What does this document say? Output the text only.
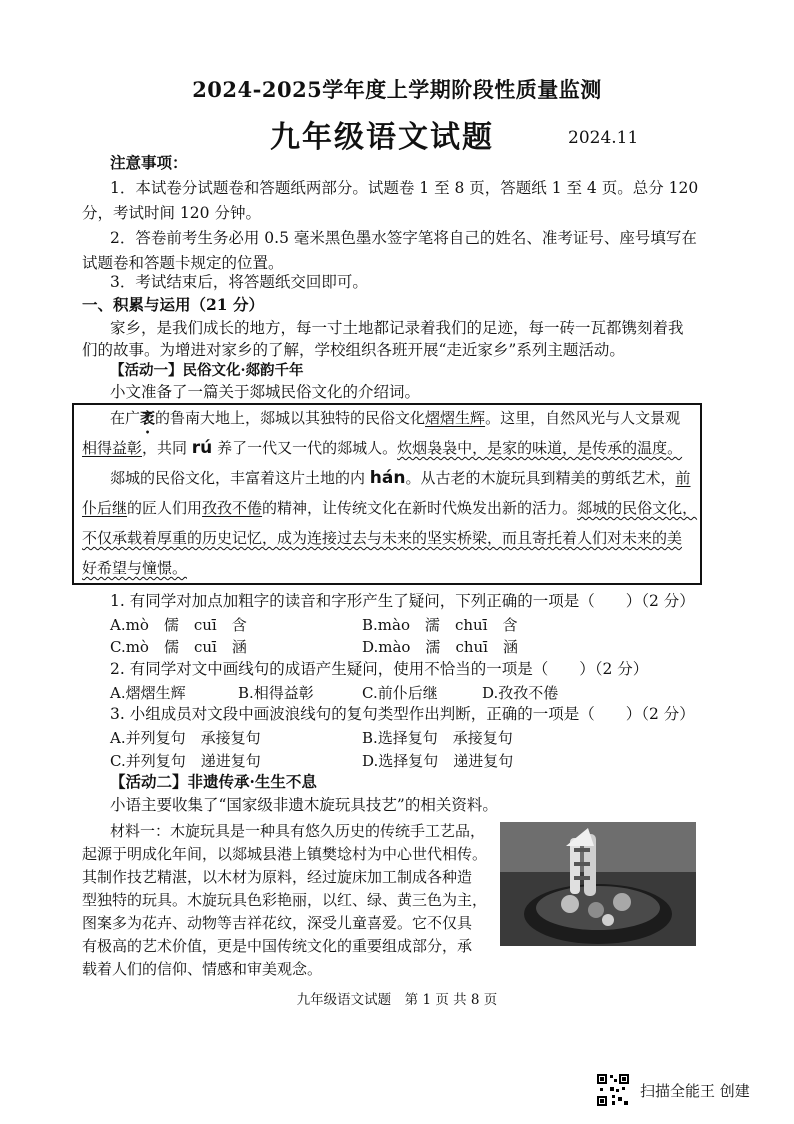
2024-2025学年度上学期阶段性质量监测
九年级语文试题	2024.11
注意事项：
1．本试卷分试题卷和答题纸两部分。试题卷 1 至 8 页，答题纸 1 至 4 页。总分 120
分，考试时间 120 分钟。
2．答卷前考生务必用 0.5 毫米黑色墨水签字笔将自己的姓名、准考证号、座号填写在
试题卷和答题卡规定的位置。
3．考试结束后，将答题纸交回即可。
一、积累与运用（21 分）
家乡，是我们成长的地方，每一寸土地都记录着我们的足迹，每一砖一瓦都镌刻着我
们的故事。为增进对家乡的了解，学校组织各班开展“走近家乡”系列主题活动。
【活动一】民俗文化·郯韵千年
小文准备了一篇关于郯城民俗文化的介绍词。
在广袤的鲁南大地上，郯城以其独特的民俗文化熠熠生辉。这里，自然风光与人文景观
相得益彰，共同 rú 养了一代又一代的郯城人。炊烟袅袅中，是家的味道，是传承的温度。
郯城的民俗文化，丰富着这片土地的内 hán。从古老的木旋玩具到精美的剪纸艺术，前
仆后继的匠人们用孜孜不倦的精神，让传统文化在新时代焕发出新的活力。郯城的民俗文化，
不仅承载着厚重的历史记忆，成为连接过去与未来的坚实桥梁，而且寄托着人们对未来的美
好希望与憧憬。
1. 有同学对加点加粗字的读音和字形产生了疑问，下列正确的一项是（　　）（2 分）
A.mò　儒　cuī　含	B.mào　濡　chuī　含
C.mò　儒　cuī　涵	D.mào　濡　chuī　涵
2. 有同学对文中画线句的成语产生疑问，使用不恰当的一项是（　　）（2 分）
A.熠熠生辉	B.相得益彰	C.前仆后继	D.孜孜不倦
3. 小组成员对文段中画波浪线句的复句类型作出判断，正确的一项是（　　）（2 分）
A.并列复句　承接复句	B.选择复句　承接复句
C.并列复句　递进复句	D.选择复句　递进复句
【活动二】非遗传承·生生不息
小语主要收集了“国家级非遗木旋玩具技艺”的相关资料。
材料一：木旋玩具是一种具有悠久历史的传统手工艺品，
起源于明成化年间，以郯城县港上镇樊埝村为中心世代相传。
其制作技艺精湛，以木材为原料，经过旋床加工制成各种造
型独特的玩具。木旋玩具色彩艳丽，以红、绿、黄三色为主，
图案多为花卉、动物等吉祥花纹，深受儿童喜爱。它不仅具
有极高的艺术价值，更是中国传统文化的重要组成部分，承
载着人们的信仰、情感和审美观念。
九年级语文试题　第 1 页 共 8 页
扫描全能王 创建
